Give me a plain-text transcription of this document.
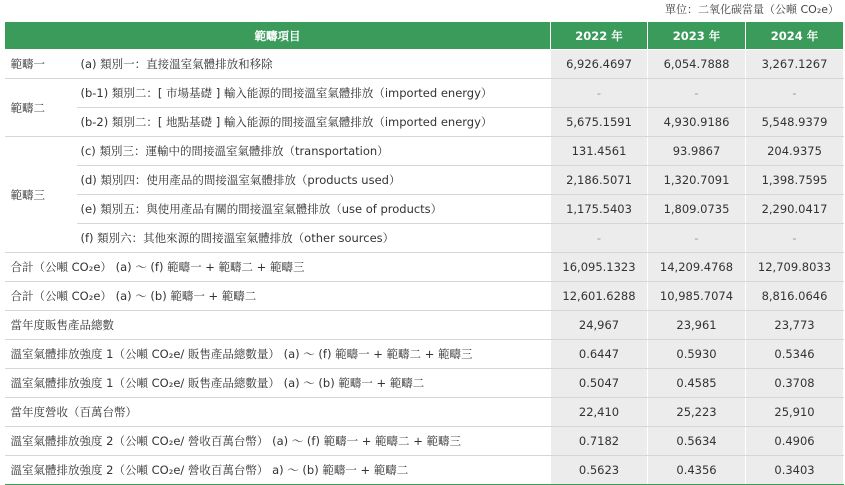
單位：二氧化碳當量（公噸 CO₂e）
範疇項目		2022 年	2023 年	2024 年
範疇一	(a) 類別一：直接溫室氣體排放和移除	6,926.4697	6,054.7888	3,267.1267
範疇二	(b-1) 類別二：[ 市場基礎 ] 輸入能源的間接溫室氣體排放（imported energy）	-	-	-
	(b-2) 類別二：[ 地點基礎 ] 輸入能源的間接溫室氣體排放（imported energy）	5,675.1591	4,930.9186	5,548.9379
範疇三	(c) 類別三：運輸中的間接溫室氣體排放（transportation）	131.4561	93.9867	204.9375
	(d) 類別四：使用產品的間接溫室氣體排放（products used）	2,186.5071	1,320.7091	1,398.7595
	(e) 類別五：與使用產品有關的間接溫室氣體排放（use of products）	1,175.5403	1,809.0735	2,290.0417
	(f) 類別六：其他來源的間接溫室氣體排放（other sources）	-	-	-
合計（公噸 CO₂e） (a) ～ (f) 範疇一 + 範疇二 + 範疇三		16,095.1323	14,209.4768	12,709.8033
合計（公噸 CO₂e） (a) ～ (b) 範疇一 + 範疇二		12,601.6288	10,985.7074	8,816.0646
當年度販售產品總數		24,967	23,961	23,773
溫室氣體排放強度 1（公噸 CO₂e/ 販售產品總數量） (a) ～ (f) 範疇一 + 範疇二 + 範疇三		0.6447	0.5930	0.5346
溫室氣體排放強度 1（公噸 CO₂e/ 販售產品總數量） (a) ～ (b) 範疇一 + 範疇二		0.5047	0.4585	0.3708
當年度營收（百萬台幣）		22,410	25,223	25,910
溫室氣體排放強度 2（公噸 CO₂e/ 營收百萬台幣） (a) ～ (f) 範疇一 + 範疇二 + 範疇三		0.7182	0.5634	0.4906
溫室氣體排放強度 2（公噸 CO₂e/ 營收百萬台幣） a) ～ (b) 範疇一 + 範疇二		0.5623	0.4356	0.3403
